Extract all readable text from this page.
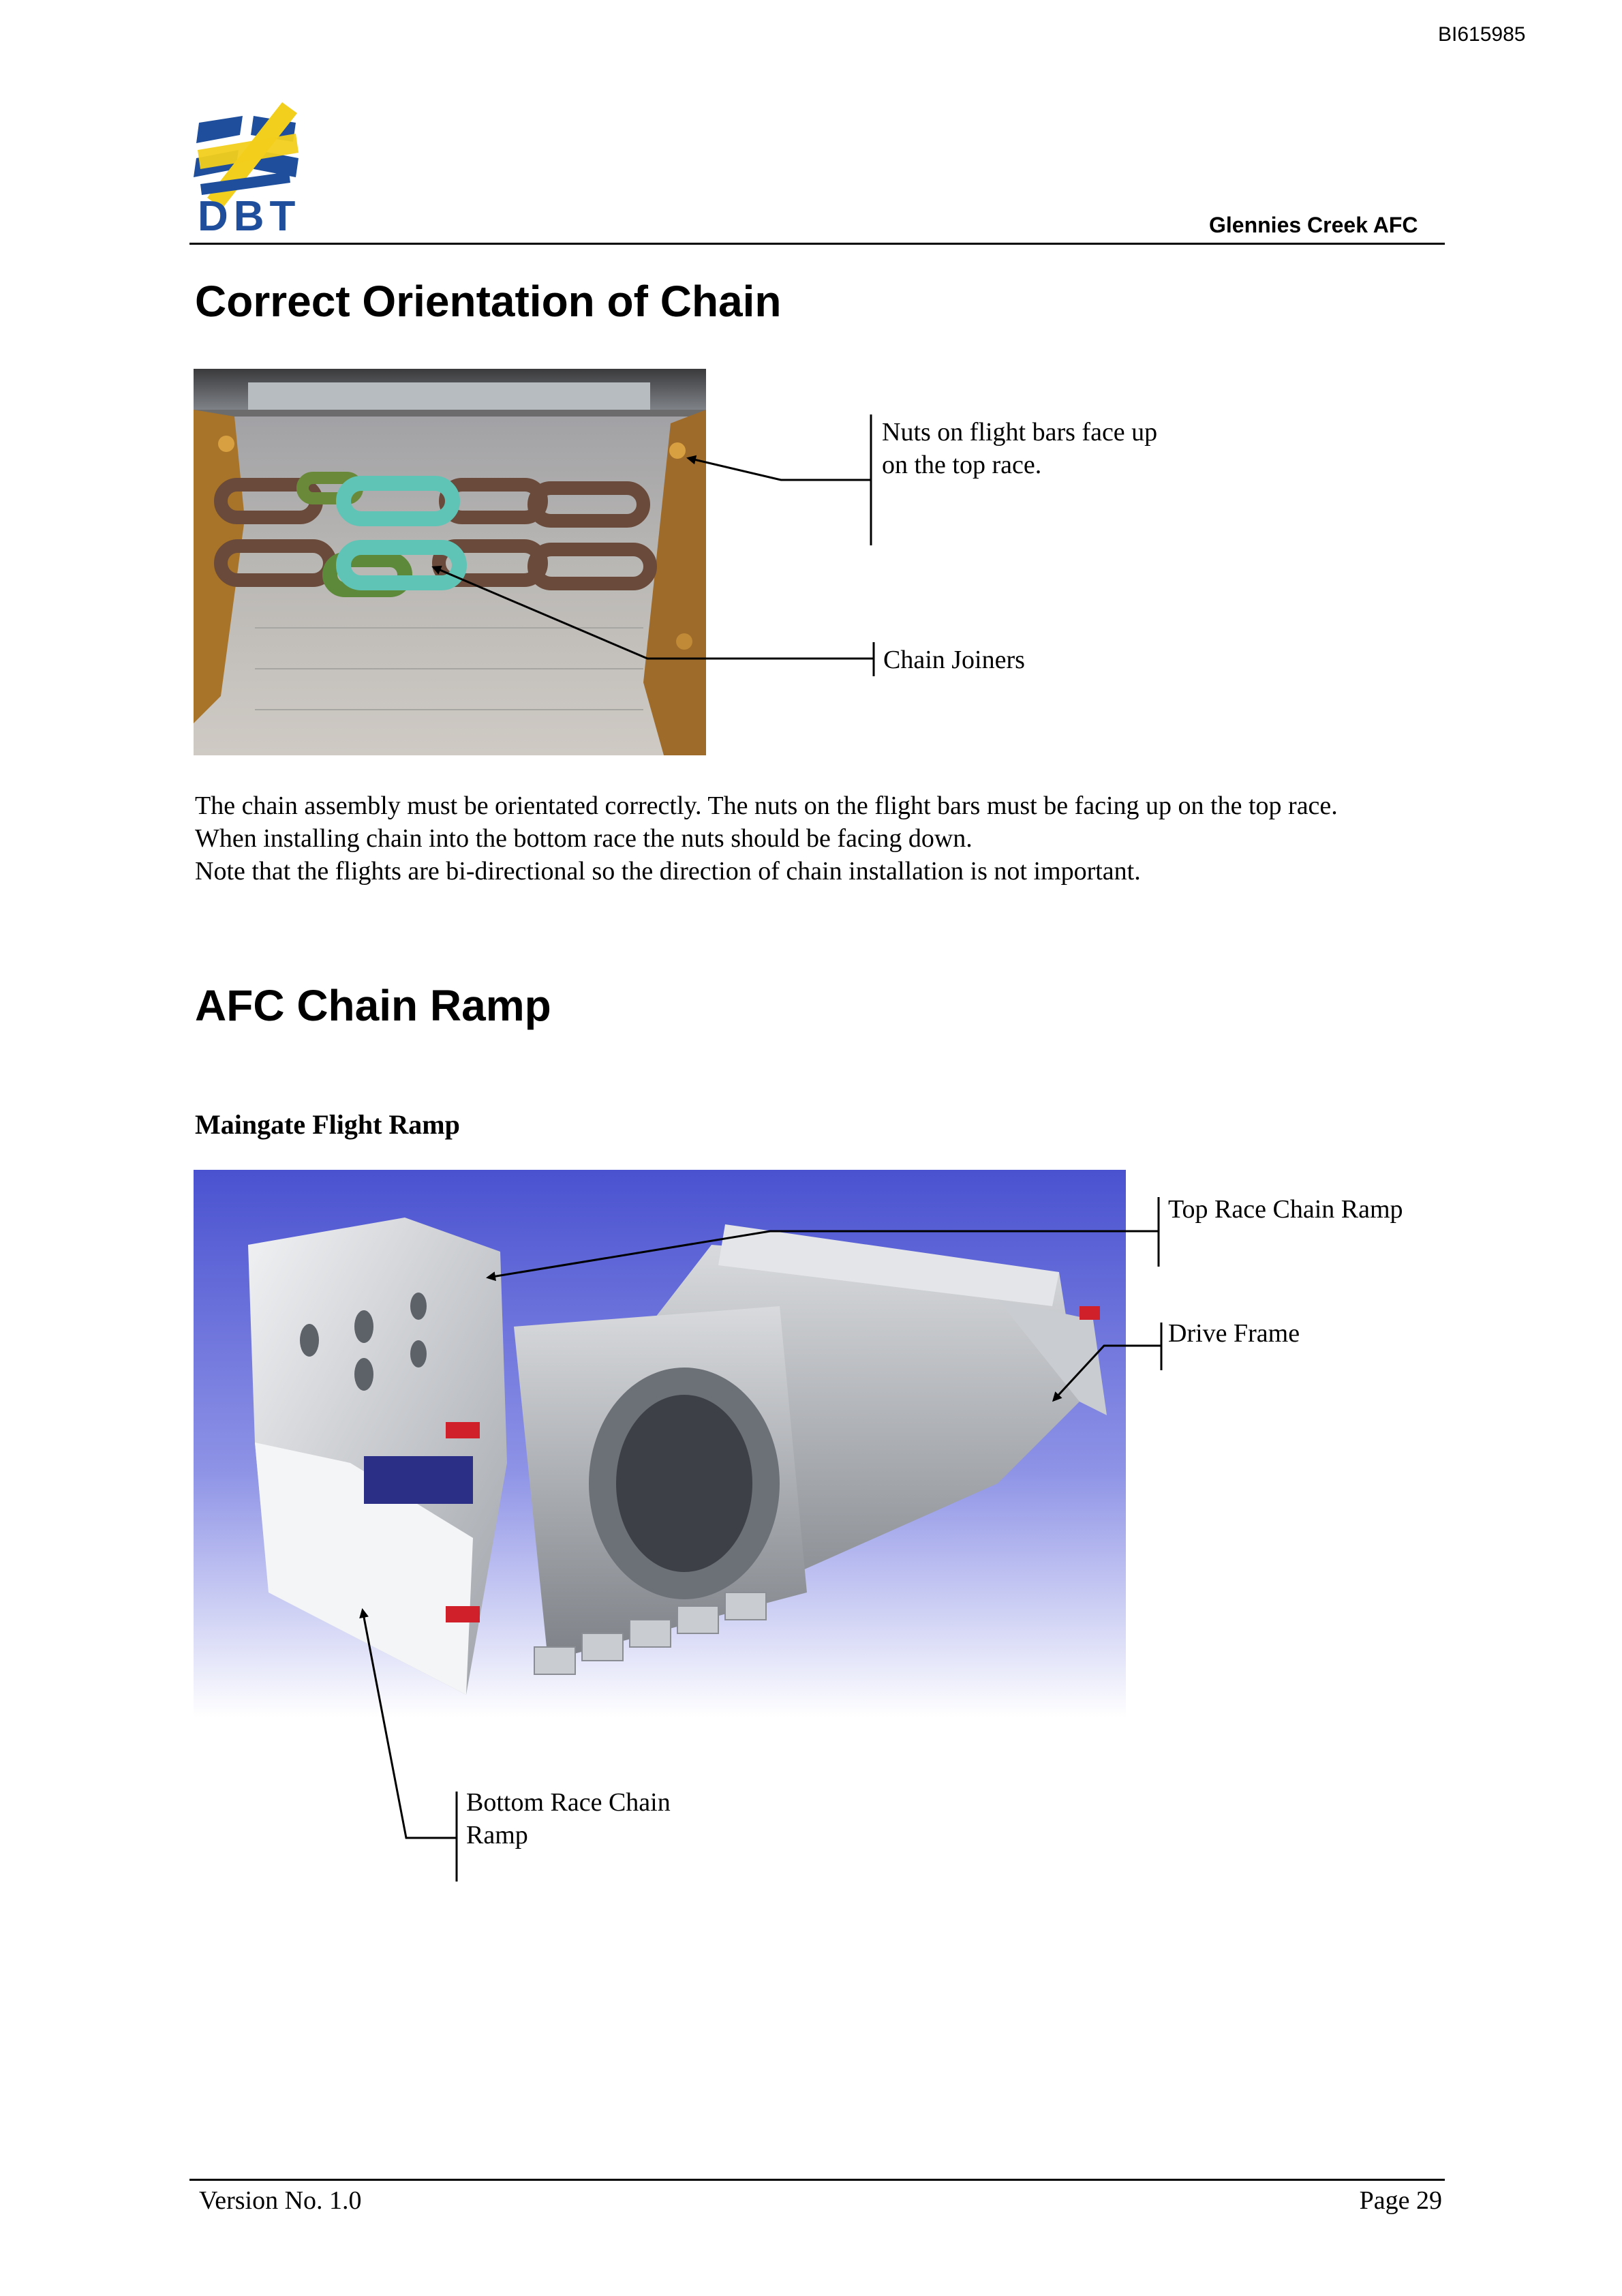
BI615985
DBT	Glennies Creek AFC
Correct Orientation of Chain
Nuts on flight bars face up on the top race.
Chain Joiners

The chain assembly must be orientated correctly. The nuts on the flight bars must be facing up on the top race.

When installing chain into the bottom race the nuts should be facing down.

Note that the flights are bi-directional so the direction of chain installation is not important.

AFC Chain Ramp
Maingate Flight Ramp
Top Race Chain Ramp
Drive Frame
Bottom Race Chain Ramp
Version No. 1.0	Page 29
